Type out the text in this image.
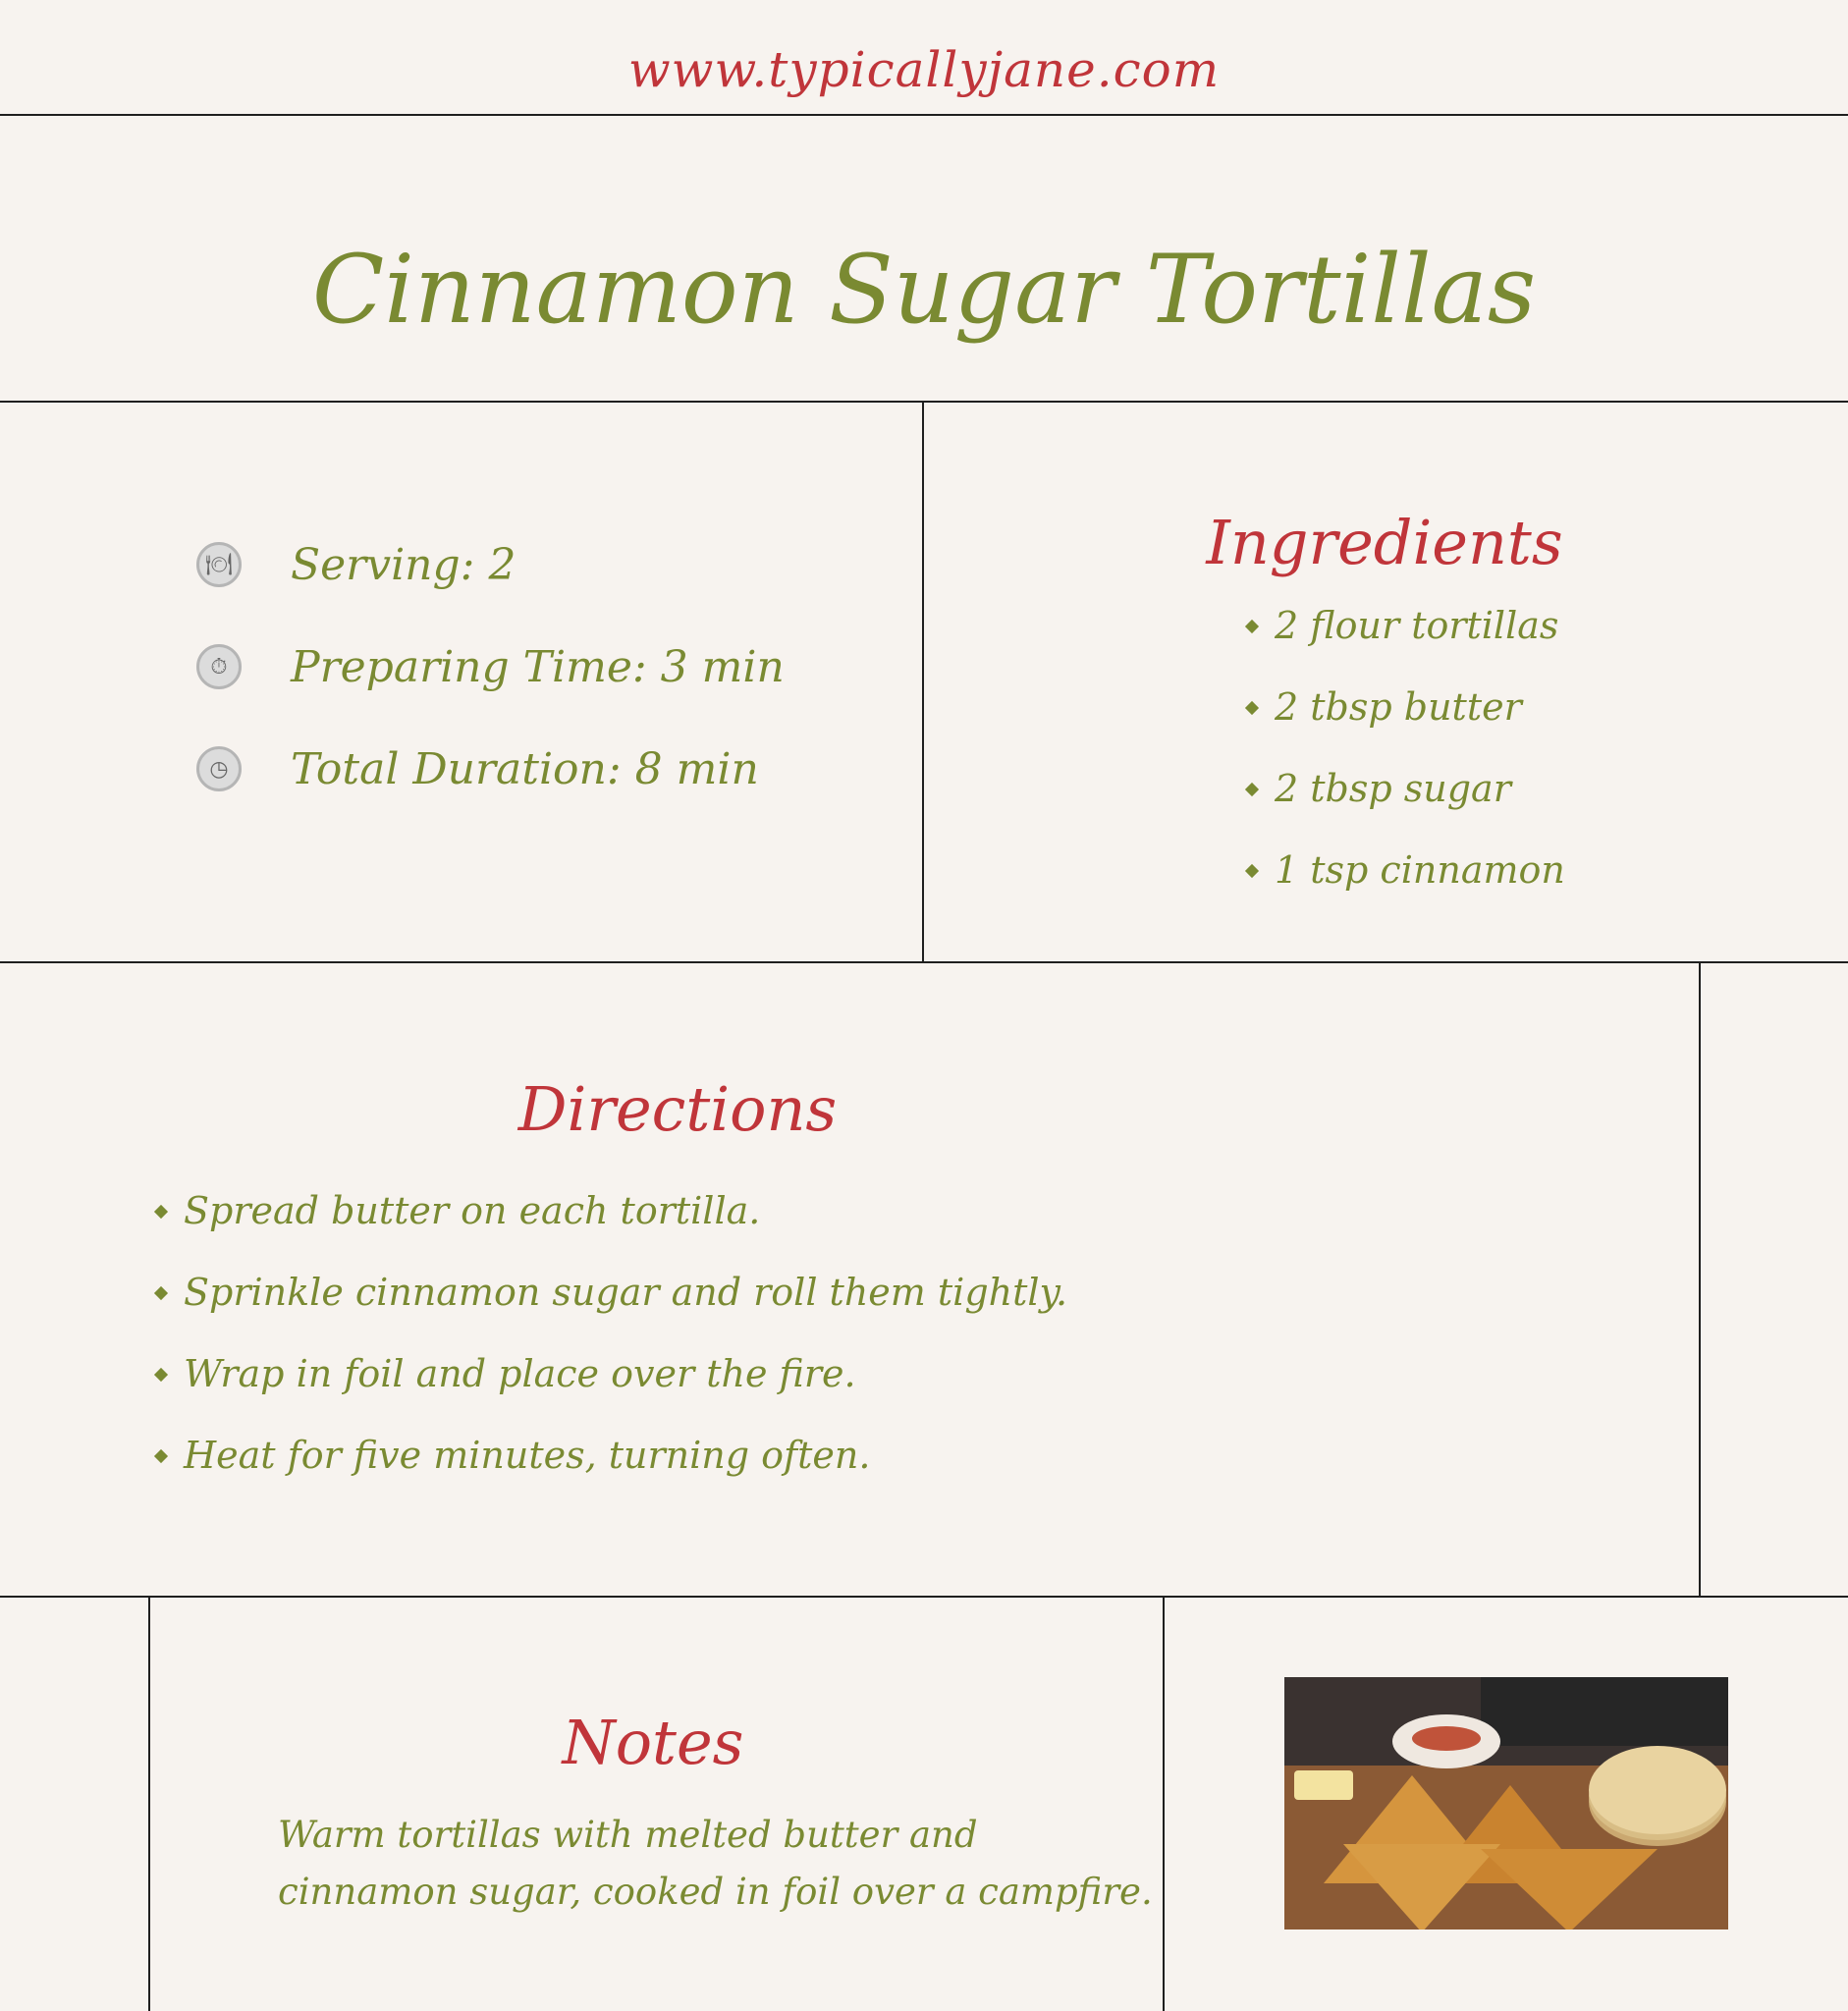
www.typicallyjane.com
Cinnamon Sugar Tortillas
🍽 Serving: 2
⏱	Preparing Time: 3 min
◷	Total Duration: 8 min
Ingredients
2 flour tortillas
2 tbsp butter
2 tbsp sugar
1 tsp cinnamon
Directions
Spread butter on each tortilla.
Sprinkle cinnamon sugar and roll them tightly.
Wrap in foil and place over the fire.
Heat for five minutes, turning often.
Notes
Warm tortillas with melted butter and cinnamon sugar, cooked in foil over a campfire.
